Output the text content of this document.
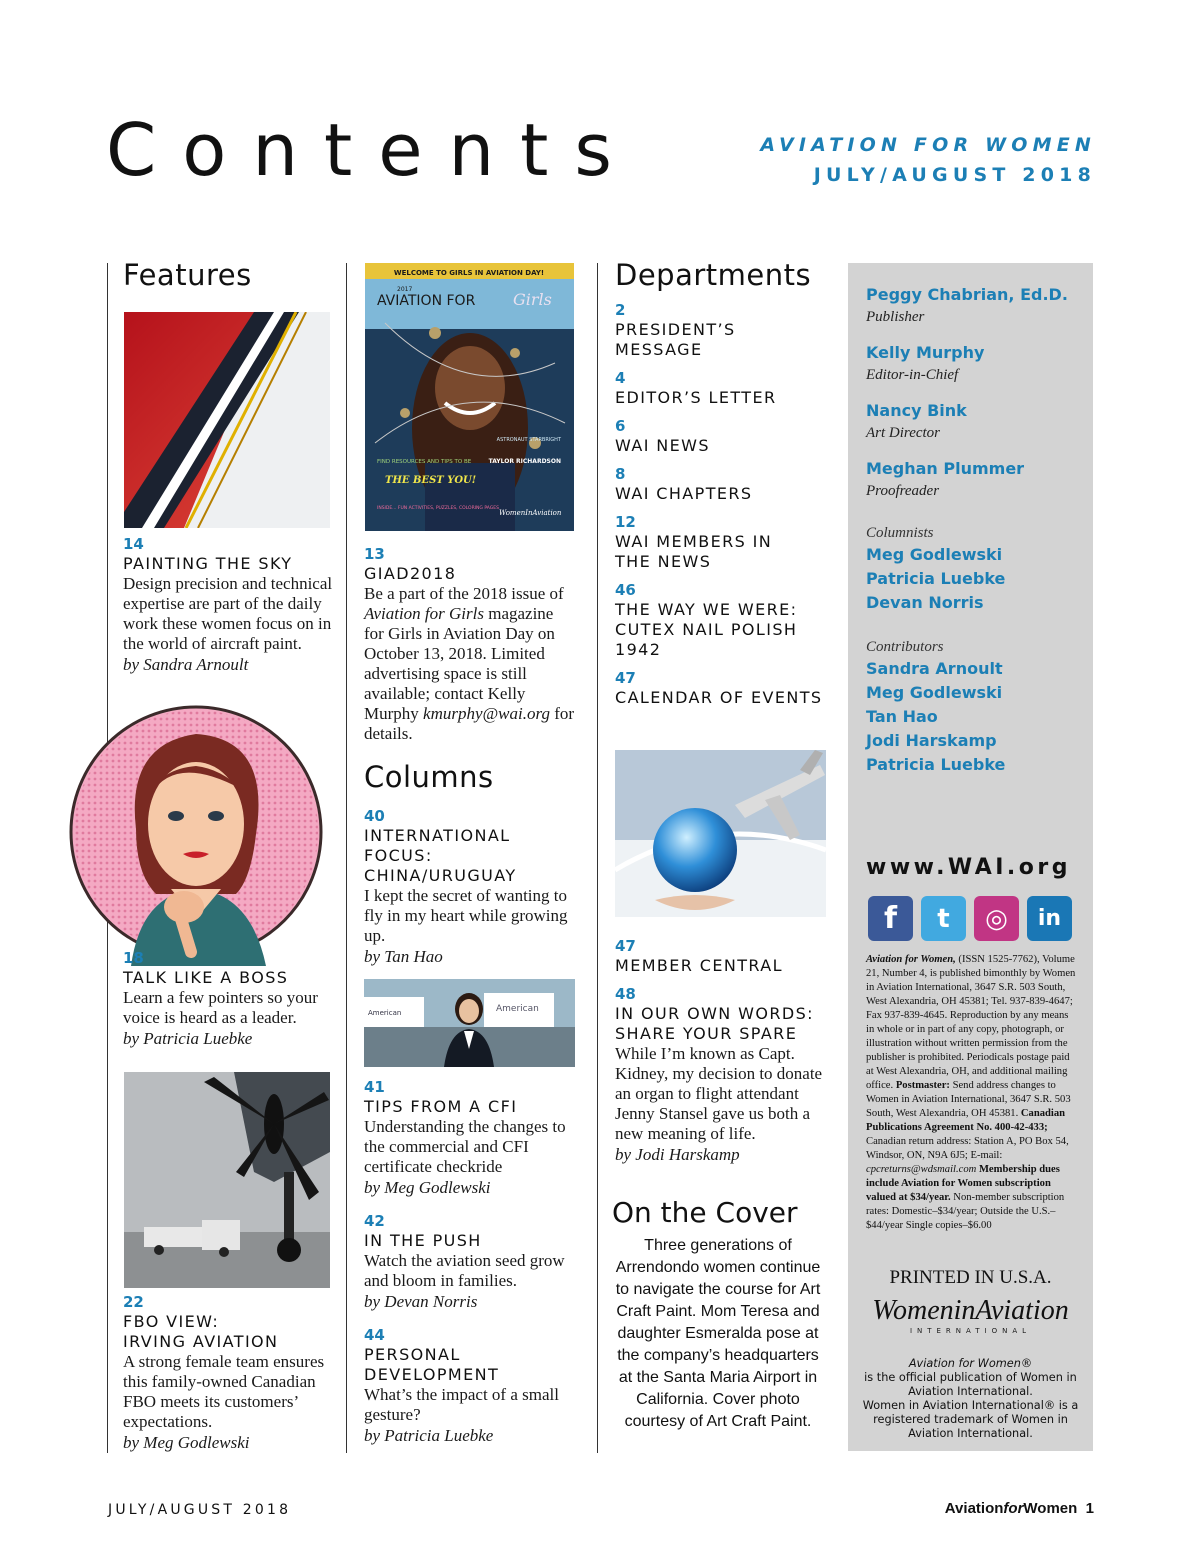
Contents	AVIATION FOR WOMEN
JULY/AUGUST 2018
Features
14
PAINTING THE SKY
Design precision and technical expertise are part of the daily work these women focus on in the world of aircraft paint.
by Sandra Arnoult
18
TALK LIKE A BOSS
Learn a few pointers so your voice is heard as a leader.
by Patricia Luebke
22
FBO VIEW:
IRVING AVIATION
A strong female team ensures this family-owned Canadian FBO meets its customers’ expectations.
by Meg Godlewski
WELCOME TO GIRLS IN AVIATION DAY!
2017
AVIATION FOR Girls
ASTRONAUT STARBRIGHT
TAYLOR RICHARDSON
FIND RESOURCES AND TIPS TO BE
THE BEST YOU!
INSIDE... FUN ACTIVITIES, PUZZLES, COLORING PAGES
WomenInAviation
13
GIAD2018
Be a part of the 2018 issue of Aviation for Girls magazine for Girls in Aviation Day on October 13, 2018. Limited advertising space is still available; contact Kelly Murphy kmurphy@wai.org for details.
Columns
40
INTERNATIONAL FOCUS: CHINA/URUGUAY
I kept the secret of wanting to fly in my heart while growing up.
by Tan Hao
American	American
41
TIPS FROM A CFI
Understanding the changes to the commercial and CFI certificate checkride
by Meg Godlewski
42
IN THE PUSH
Watch the aviation seed grow and bloom in families.
by Devan Norris
44
PERSONAL DEVELOPMENT
What’s the impact of a small gesture?
by Patricia Luebke
Departments
2
PRESIDENT’S MESSAGE
4
EDITOR’S LETTER
6
WAI NEWS
8
WAI CHAPTERS
12
WAI MEMBERS IN THE NEWS
46
THE WAY WE WERE: CUTEX NAIL POLISH 1942
47
CALENDAR OF EVENTS
47
MEMBER CENTRAL
48
IN OUR OWN WORDS: SHARE YOUR SPARE
While I’m known as Capt. Kidney, my decision to donate an organ to flight attendant Jenny Stansel gave us both a new meaning of life.
by Jodi Harskamp
On the Cover
Three generations of Arrendondo women continue to navigate the course for Art Craft Paint. Mom Teresa and daughter Esmeralda pose at the company’s headquarters at the Santa Maria Airport in California. Cover photo courtesy of Art Craft Paint.
Peggy Chabrian, Ed.D.
Publisher
Kelly Murphy
Editor-in-Chief
Nancy Bink
Art Director
Meghan Plummer
Proofreader
Columnists
Meg Godlewski
Patricia Luebke
Devan Norris
Contributors
Sandra Arnoult
Meg Godlewski
Tan Hao
Jodi Harskamp
Patricia Luebke
www.WAI.org
f	t	◎	in
Aviation for Women, (ISSN 1525-7762), Volume 21, Number 4, is published bimonthly by Women in Aviation International, 3647 S.R. 503 South, West Alexandria, OH 45381; Tel. 937-839-4647; Fax 937-839-4645. Reproduction by any means in whole or in part of any copy, photograph, or illustration without written permission from the publisher is prohibited. Periodicals postage paid at West Alexandria, OH, and additional mailing office. Postmaster: Send address changes to Women in Aviation International, 3647 S.R. 503 South, West Alexandria, OH 45381. Canadian Publications Agreement No. 400-42-433; Canadian return address: Station A, PO Box 54, Windsor, ON, N9A 6J5; E-mail: cpcreturns@wdsmail.com Membership dues include Aviation for Women subscription valued at $34/year. Non-member subscription rates: Domestic–$34/year; Outside the U.S.–$44/year Single copies–$6.00
PRINTED IN U.S.A.
WomeninAviation
INTERNATIONAL
Aviation for Women®
is the official publication of Women in Aviation International.
Women in Aviation International® is a registered trademark of Women in Aviation International.
JULY/AUGUST 2018	AviationforWomen 1
